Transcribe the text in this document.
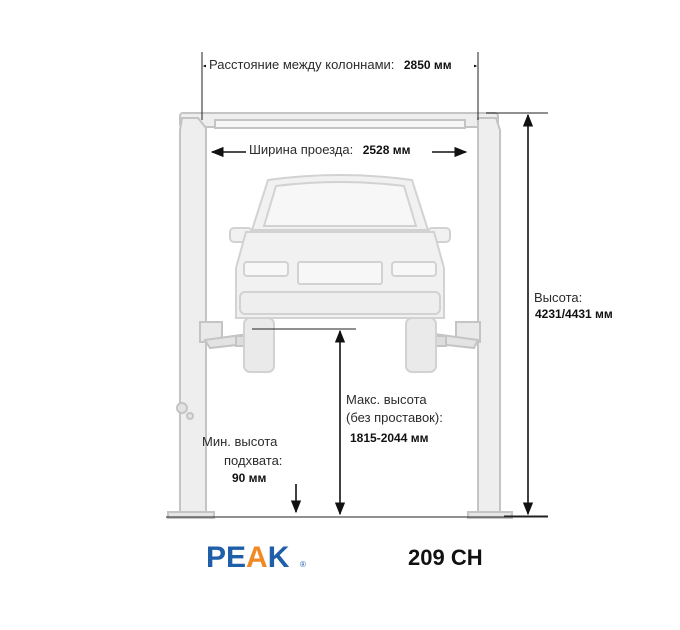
Расстояние между колоннами: 2850 мм
Ширина проезда: 2528 мм
Высота:
4231/4431 мм
Макс. высота
(без проставок):
1815-2044 мм
Мин. высота
подхвата:
90 мм
PEAK ®	209 CH
